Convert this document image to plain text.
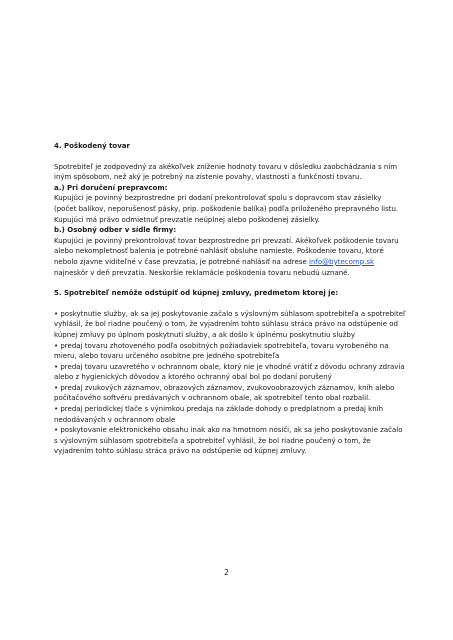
4. Poškodený tovar

Spotrebiteľ je zodpovedný za akékoľvek zníženie hodnoty tovaru v dôsledku zaobchádzania s ním iným spôsobom, než aký je potrebný na zistenie povahy, vlastností a funkčnosti tovaru.

a.) Pri doručení prepravcom:

Kupujúci je povinný bezprostredne pri dodaní prekontrolovať spolu s dopravcom stav zásielky (počet balíkov, neporušenosť pásky, prip. poškodenie balíka) podľa priloženého prepravného listu. Kupujúci má právo odmietnuť prevzatie neúplnej alebo poškodenej zásielky.

b.) Osobný odber v sídle firmy:

Kupujúci je povinný prekontrolovať tovar bezprostredne pri prevzatí. Akékoľvek poškodenie tovaru alebo nekompletnosť balenia je potrebné nahlásiť obsluhe namieste. Poškodenie tovaru, ktoré nebolo zjavne viditeľné v čase prevzatia, je potrebné nahlásiť na adrese info@bytecomp.sk najneskôr v deň prevzatia. Neskoršie reklamácie poškodenia tovaru nebudú uznané.

5. Spotrebiteľ nemôže odstúpiť od kúpnej zmluvy, predmetom ktorej je:

• poskytnutie služby, ak sa jej poskytovanie začalo s výslovným súhlasom spotrebiteľa a spotrebiteľ vyhlásil, že bol riadne poučený o tom, že vyjadrením tohto súhlasu stráca právo na odstúpenie od kúpnej zmluvy po úplnom poskytnutí služby, a ak došlo k úplnému poskytnutiu služby
• predaj tovaru zhotoveného podľa osobitných požiadaviek spotrebiteľa, tovaru vyrobeného na mieru, alebo tovaru určeného osobitne pre jedného spotrebiteľa
• predaj tovaru uzavretého v ochrannom obale, ktorý nie je vhodné vrátiť z dôvodu ochrany zdravia alebo z hygienických dôvodov a ktorého ochranný obal bol po dodaní porušený
• predaj zvukových záznamov, obrazových záznamov, zvukovoobrazových záznamov, kníh alebo počítačového softvéru predávaných v ochrannom obale, ak spotrebiteľ tento obal rozbalil.
• predaj periodickej tlače s výnimkou predaja na základe dohody o predplatnom a predaj kníh nedodávaných v ochrannom obale
• poskytovanie elektronického obsahu inak ako na hmotnom nosiči, ak sa jeho poskytovanie začalo s výslovným súhlasom spotrebiteľa a spotrebiteľ vyhlásil, že bol riadne poučený o tom, že vyjadrením tohto súhlasu stráca právo na odstúpenie od kúpnej zmluvy.
2
